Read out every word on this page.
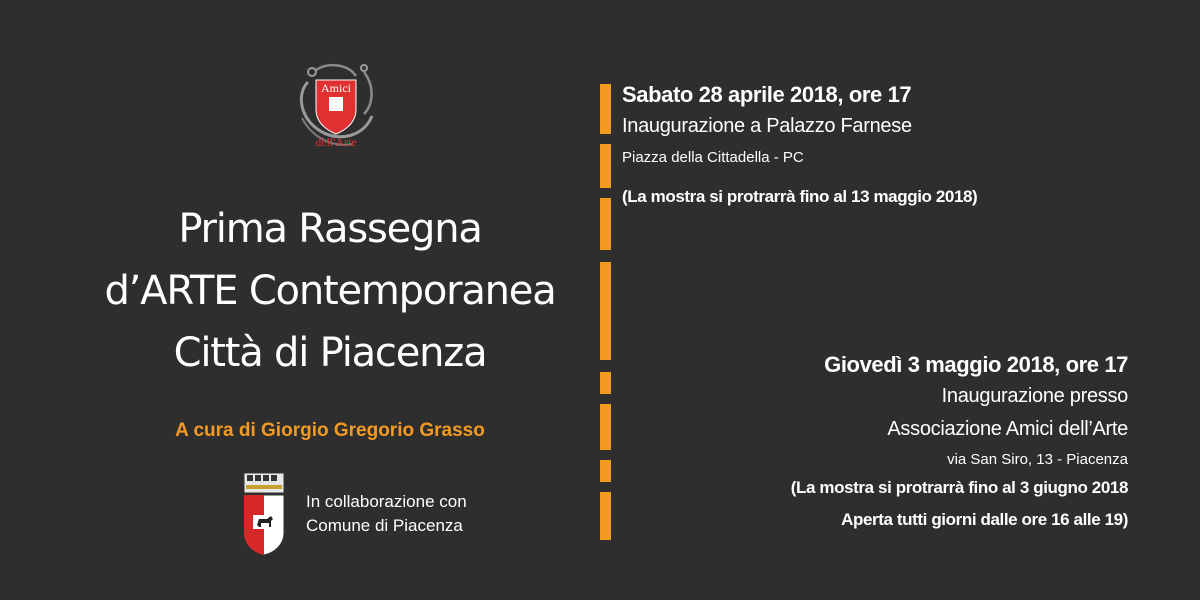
Amici
dell'Arte
Prima Rassegna
d’ARTE Contemporanea
Città di Piacenza
A cura di Giorgio Gregorio Grasso
In collaborazione con
Comune di Piacenza
Sabato 28 aprile 2018, ore 17
Inaugurazione a Palazzo Farnese
Piazza della Cittadella - PC
(La mostra si protrarrà fino al 13 maggio 2018)
Giovedì 3 maggio 2018, ore 17
Inaugurazione presso
Associazione Amici dell’Arte
via San Siro, 13 - Piacenza
(La mostra si protrarrà fino al 3 giugno 2018
Aperta tutti giorni dalle ore 16 alle 19)
